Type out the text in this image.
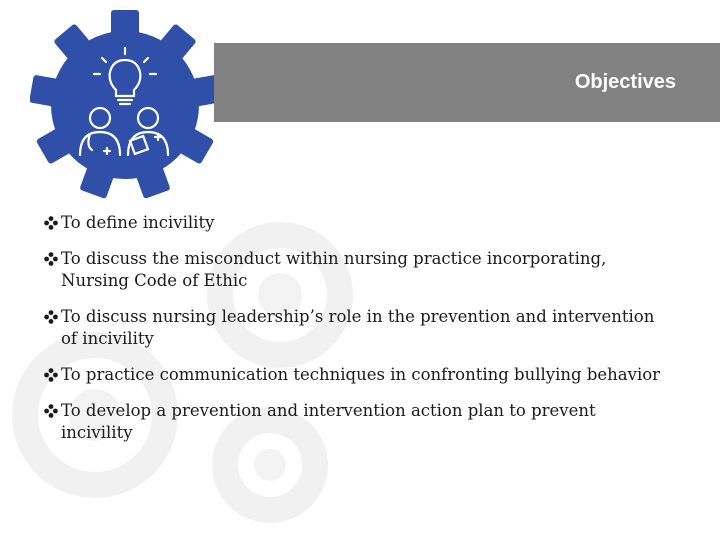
Objectives
To define incivility
To discuss the misconduct within nursing practice incorporating,
Nursing Code of Ethic
To discuss nursing leadership’s role in the prevention and intervention
of incivility
To practice communication techniques in confronting bullying behavior
To develop a prevention and intervention action plan to prevent
incivility
